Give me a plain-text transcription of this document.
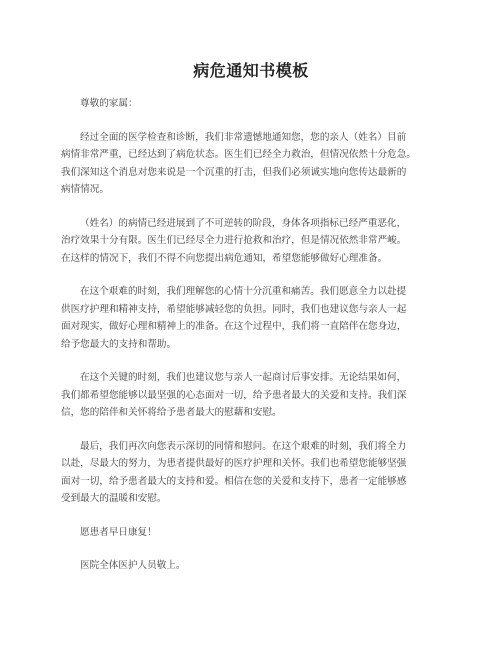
病危通知书模板

尊敬的家属：

经过全面的医学检查和诊断，我们非常遗憾地通知您，您的亲人（姓名）目前
病情非常严重，已经达到了病危状态。医生们已经全力救治，但情况依然十分危急。
我们深知这个消息对您来说是一个沉重的打击，但我们必须诚实地向您传达最新的
病情情况。

（姓名）的病情已经进展到了不可逆转的阶段，身体各项指标已经严重恶化，
治疗效果十分有限。医生们已经尽全力进行抢救和治疗，但是情况依然非常严峻。
在这样的情况下，我们不得不向您提出病危通知，希望您能够做好心理准备。

在这个艰难的时刻，我们理解您的心情十分沉重和痛苦。我们愿意全力以赴提
供医疗护理和精神支持，希望能够减轻您的负担。同时，我们也建议您与亲人一起
面对现实，做好心理和精神上的准备。在这个过程中，我们将一直陪伴在您身边，
给予您最大的支持和帮助。

在这个关键的时刻，我们也建议您与亲人一起商讨后事安排。无论结果如何，
我们都希望您能够以最坚强的心态面对一切，给予患者最大的关爱和支持。我们深
信，您的陪伴和关怀将给予患者最大的慰藉和安慰。

最后，我们再次向您表示深切的同情和慰问。在这个艰难的时刻，我们将全力
以赴，尽最大的努力，为患者提供最好的医疗护理和关怀。我们也希望您能够坚强
面对一切，给予患者最大的支持和爱。相信在您的关爱和支持下，患者一定能够感
受到最大的温暖和安慰。

愿患者早日康复！

医院全体医护人员敬上。
